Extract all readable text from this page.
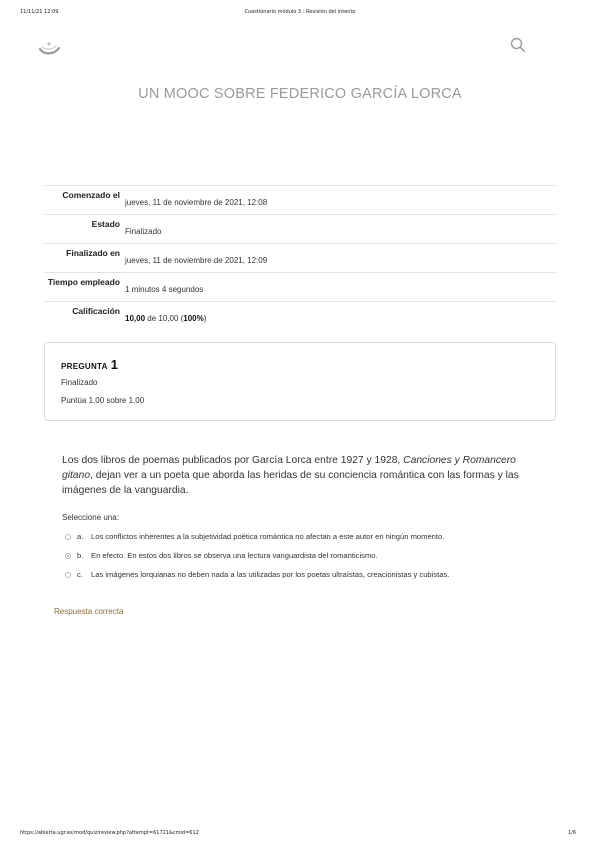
11/11/21 12:09	Cuestionario módulo 3 : Revisión del intento
UN MOOC SOBRE FEDERICO GARCÍA LORCA
Comenzado el
jueves, 11 de noviembre de 2021, 12:08
Estado
Finalizado
Finalizado en
jueves, 11 de noviembre de 2021, 12:09
Tiempo empleado
1 minutos 4 segundos
Calificación
10,00 de 10,00 (100%)
PREGUNTA 1
Finalizado
Puntúa 1,00 sobre 1,00
Los dos libros de poemas publicados por García Lorca entre 1927 y 1928, Canciones y Romancero gitano, dejan ver a un poeta que aborda las heridas de su conciencia romántica con las formas y las imágenes de la vanguardia.
Seleccione una:
a.	Los conflictos inherentes a la subjetividad poética romántica no afectan a este autor en ningún momento.
b.	En efecto. En estos dos libros se observa una lectura vanguardista del romanticismo.
c.	Las imágenes lorquianas no deben nada a las utilizadas por los poetas ultraístas, creacionistas y cubistas.
Respuesta correcta
https://abierta.ugr.es/mod/quiz/review.php?attempt=61721&cmid=612	1/6
